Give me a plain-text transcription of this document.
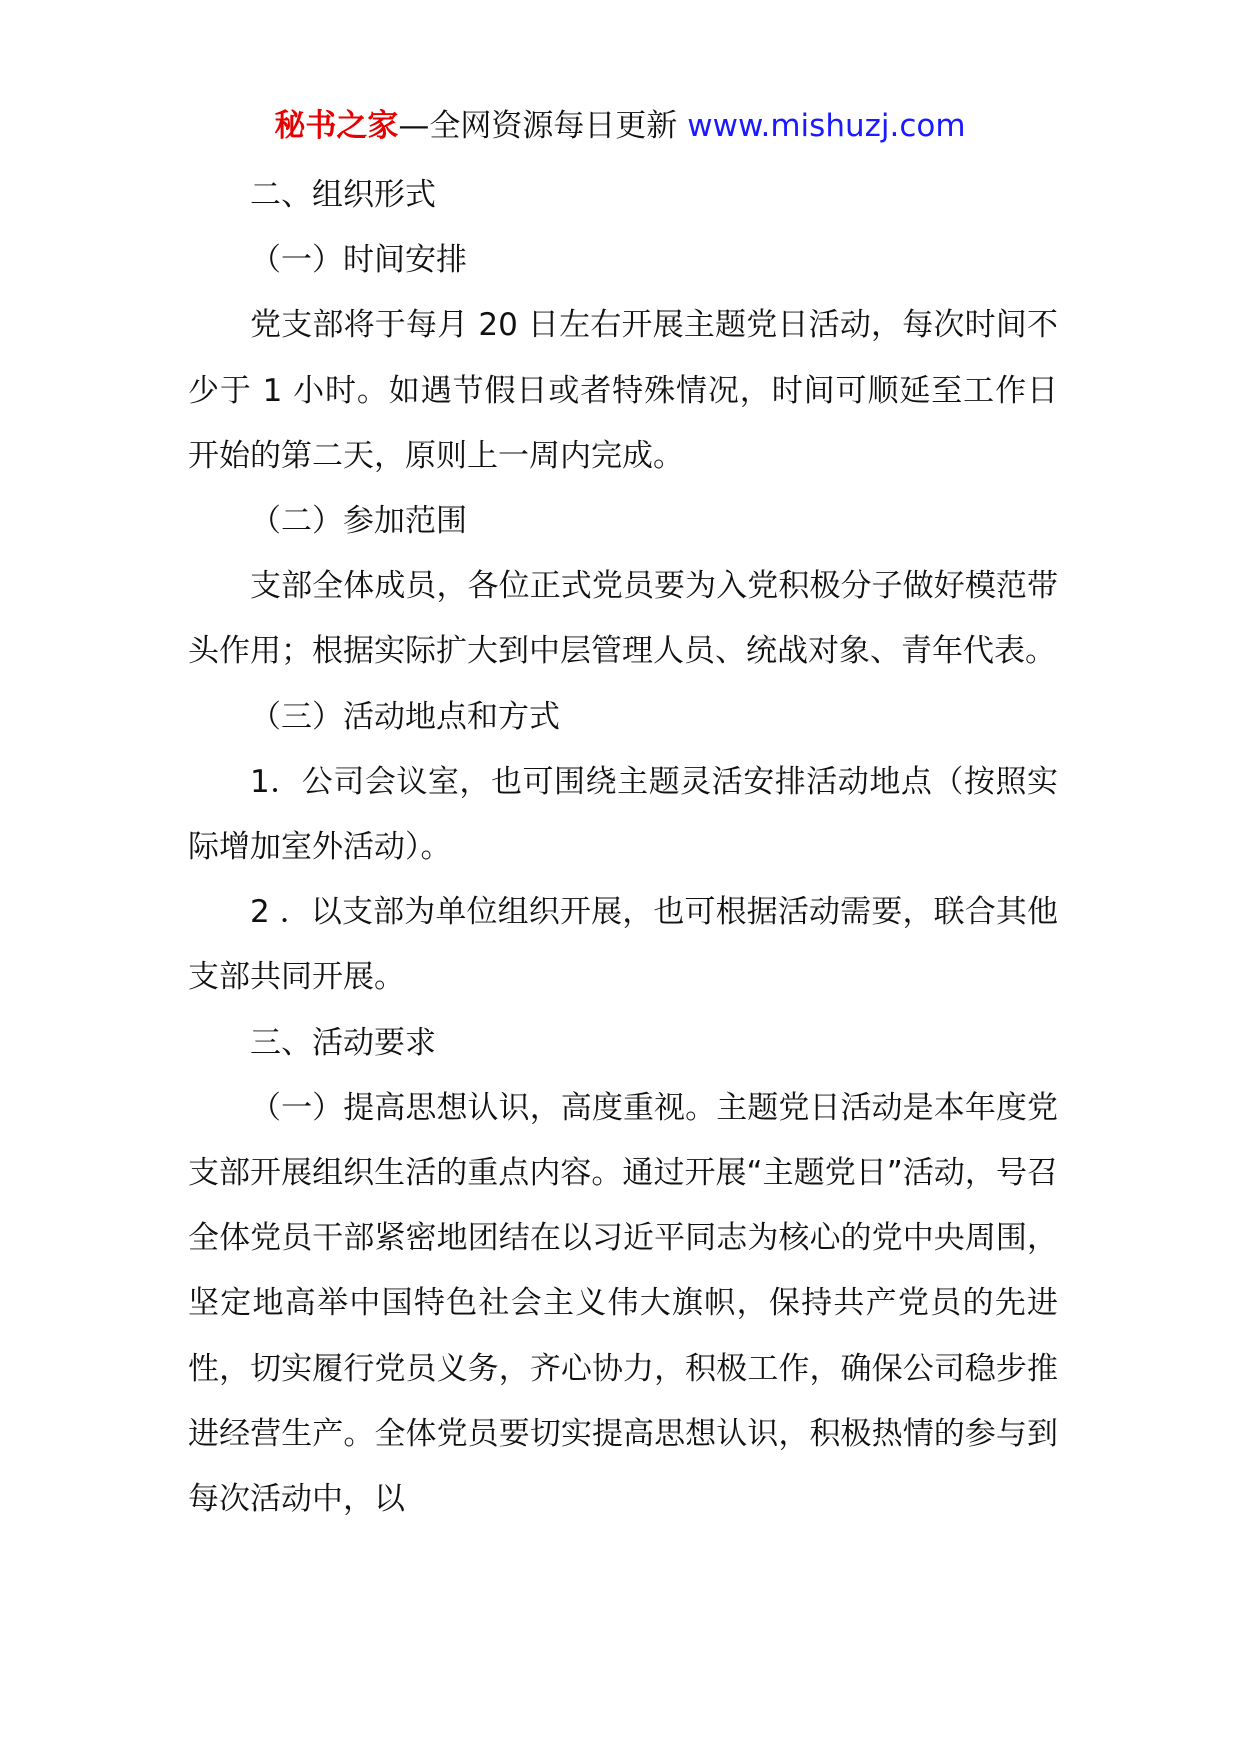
秘书之家—全网资源每日更新 www.mishuzj.com

二、组织形式

（一）时间安排

党支部将于每月 20 日左右开展主题党日活动，每次时间不少于 1 小时。如遇节假日或者特殊情况，时间可顺延至工作日开始的第二天，原则上一周内完成。

（二）参加范围

支部全体成员，各位正式党员要为入党积极分子做好模范带头作用；根据实际扩大到中层管理人员、统战对象、青年代表。

（三）活动地点和方式

1．公司会议室，也可围绕主题灵活安排活动地点（按照实际增加室外活动）。

2 ．以支部为单位组织开展，也可根据活动需要，联合其他支部共同开展。

三、活动要求

（一）提高思想认识，高度重视。主题党日活动是本年度党支部开展组织生活的重点内容。通过开展“主题党日”活动，号召全体党员干部紧密地团结在以习近平同志为核心的党中央周围，坚定地高举中国特色社会主义伟大旗帜，保持共产党员的先进性，切实履行党员义务，齐心协力，积极工作，确保公司稳步推进经营生产。全体党员要切实提高思想认识，积极热情的参与到每次活动中，以
